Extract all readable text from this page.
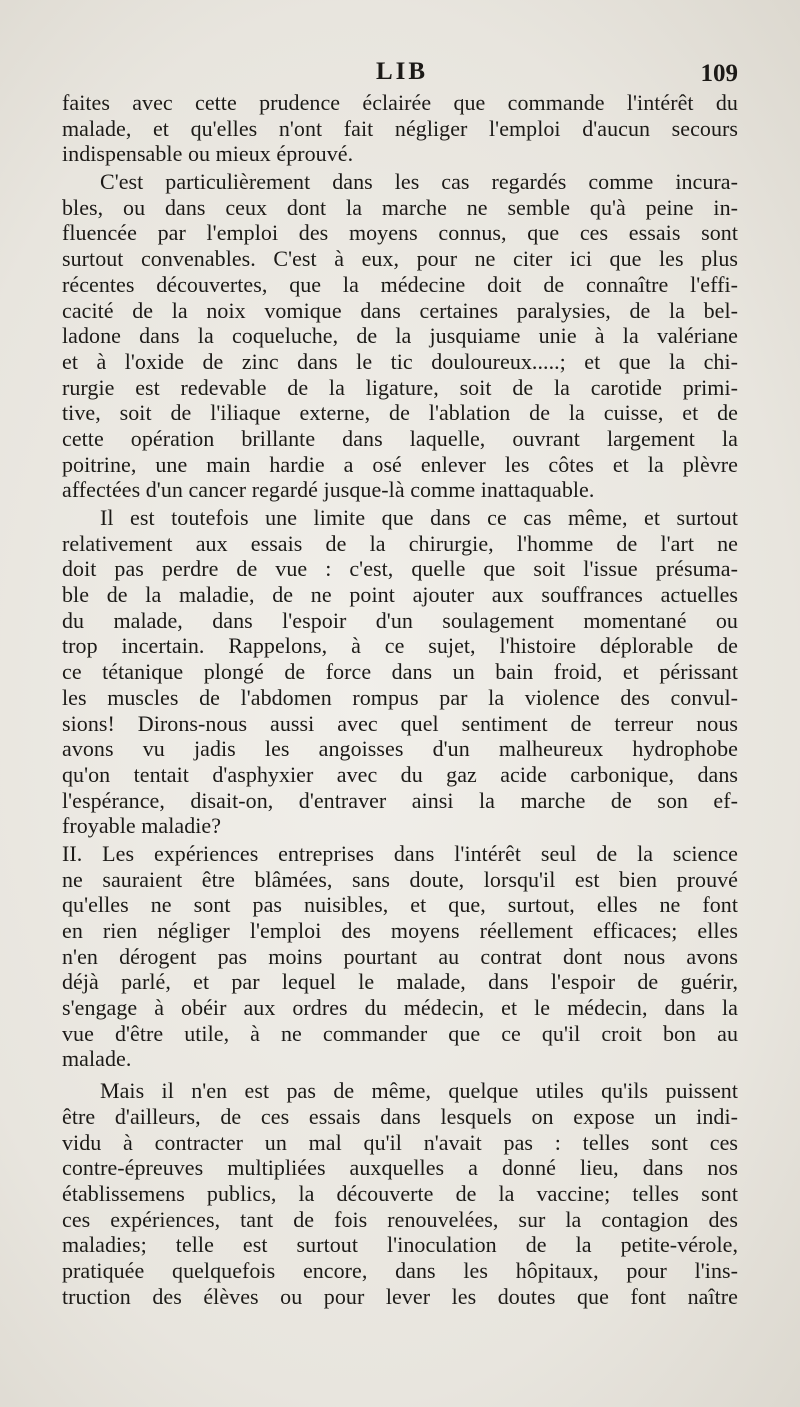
LIB	109
faites avec cette prudence éclairée que commande l'intérêt du
malade, et qu'elles n'ont fait négliger l'emploi d'aucun secours
indispensable ou mieux éprouvé.
C'est particulièrement dans les cas regardés comme incura-
bles, ou dans ceux dont la marche ne semble qu'à peine in-
fluencée par l'emploi des moyens connus, que ces essais sont
surtout convenables. C'est à eux, pour ne citer ici que les plus
récentes découvertes, que la médecine doit de connaître l'effi-
cacité de la noix vomique dans certaines paralysies, de la bel-
ladone dans la coqueluche, de la jusquiame unie à la valériane
et à l'oxide de zinc dans le tic douloureux.....; et que la chi-
rurgie est redevable de la ligature, soit de la carotide primi-
tive, soit de l'iliaque externe, de l'ablation de la cuisse, et de
cette opération brillante dans laquelle, ouvrant largement la
poitrine, une main hardie a osé enlever les côtes et la plèvre
affectées d'un cancer regardé jusque-là comme inattaquable.
Il est toutefois une limite que dans ce cas même, et surtout
relativement aux essais de la chirurgie, l'homme de l'art ne
doit pas perdre de vue : c'est, quelle que soit l'issue présuma-
ble de la maladie, de ne point ajouter aux souffrances actuelles
du malade, dans l'espoir d'un soulagement momentané ou
trop incertain. Rappelons, à ce sujet, l'histoire déplorable de
ce tétanique plongé de force dans un bain froid, et périssant
les muscles de l'abdomen rompus par la violence des convul-
sions! Dirons-nous aussi avec quel sentiment de terreur nous
avons vu jadis les angoisses d'un malheureux hydrophobe
qu'on tentait d'asphyxier avec du gaz acide carbonique, dans
l'espérance, disait-on, d'entraver ainsi la marche de son ef-
froyable maladie?
II. Les expériences entreprises dans l'intérêt seul de la science
ne sauraient être blâmées, sans doute, lorsqu'il est bien prouvé
qu'elles ne sont pas nuisibles, et que, surtout, elles ne font
en rien négliger l'emploi des moyens réellement efficaces; elles
n'en dérogent pas moins pourtant au contrat dont nous avons
déjà parlé, et par lequel le malade, dans l'espoir de guérir,
s'engage à obéir aux ordres du médecin, et le médecin, dans la
vue d'être utile, à ne commander que ce qu'il croit bon au
malade.
Mais il n'en est pas de même, quelque utiles qu'ils puissent
être d'ailleurs, de ces essais dans lesquels on expose un indi-
vidu à contracter un mal qu'il n'avait pas : telles sont ces
contre-épreuves multipliées auxquelles a donné lieu, dans nos
établissemens publics, la découverte de la vaccine; telles sont
ces expériences, tant de fois renouvelées, sur la contagion des
maladies; telle est surtout l'inoculation de la petite-vérole,
pratiquée quelquefois encore, dans les hôpitaux, pour l'ins-
truction des élèves ou pour lever les doutes que font naître
